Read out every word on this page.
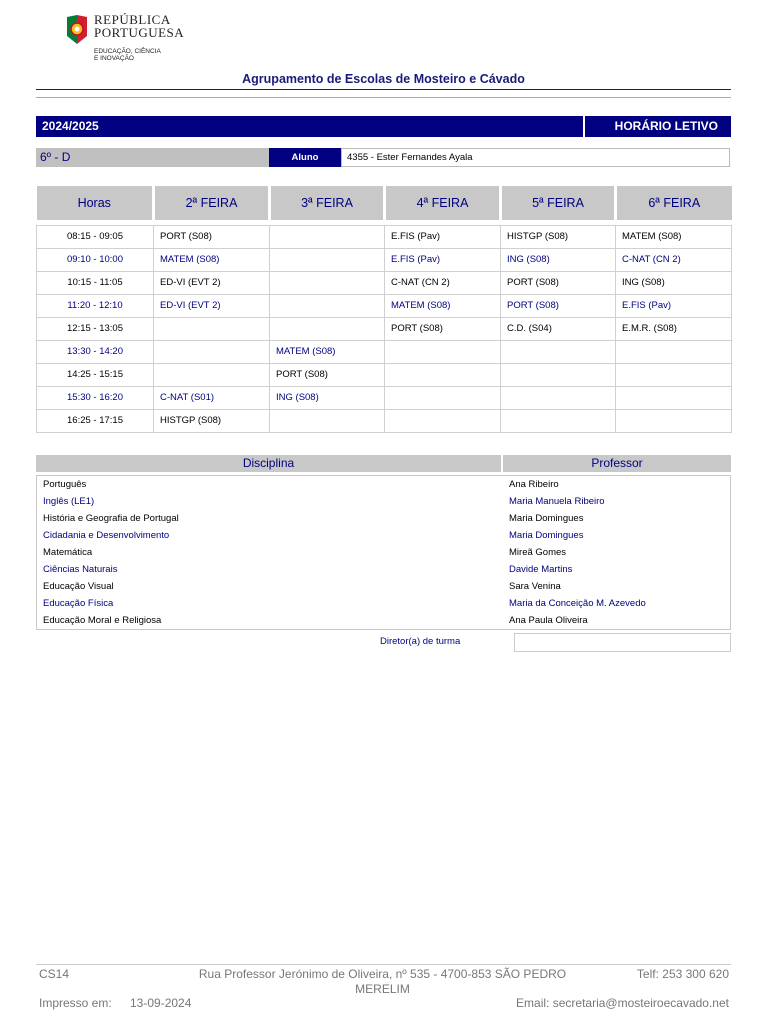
REPÚBLICA
PORTUGUESA
EDUCAÇÃO, CIÊNCIA
E INOVAÇÃO
Agrupamento de Escolas de Mosteiro e Cávado
2024/2025	HORÁRIO LETIVO
6º - D	Aluno	4355 - Ester Fernandes Ayala
Horas	2ª FEIRA	3ª FEIRA	4ª FEIRA	5ª FEIRA	6ª FEIRA

08:15 - 09:05	PORT (S08)		E.FIS (Pav)	HISTGP (S08)	MATEM (S08)
09:10 - 10:00	MATEM (S08)		E.FIS (Pav)	ING (S08)	C-NAT (CN 2)
10:15 - 11:05	ED-VI (EVT 2)		C-NAT (CN 2)	PORT (S08)	ING (S08)
11:20 - 12:10	ED-VI (EVT 2)		MATEM (S08)	PORT (S08)	E.FIS (Pav)
12:15 - 13:05			PORT (S08)	C.D. (S04)	E.M.R. (S08)
13:30 - 14:20		MATEM (S08)			
14:25 - 15:15		PORT (S08)			
15:30 - 16:20	C-NAT (S01)	ING (S08)			
16:25 - 17:15	HISTGP (S08)				
Disciplina	Professor
Português	Ana Ribeiro
Inglês (LE1)	Maria Manuela Ribeiro
História e Geografia de Portugal	Maria Domingues
Cidadania e Desenvolvimento	Maria Domingues
Matemática	Mireã Gomes
Ciências Naturais	Davide Martins
Educação Visual	Sara Venina
Educação Física	Maria da Conceição M. Azevedo
Educação Moral e Religiosa	Ana Paula Oliveira
Diretor(a) de turma
CS14	Rua Professor Jerónimo de Oliveira, nº 535 - 4700-853 SÃO PEDRO
MERELIM
Telf: 253 300 620
Impresso em: 13-09-2024	Email: secretaria@mosteiroecavado.net
